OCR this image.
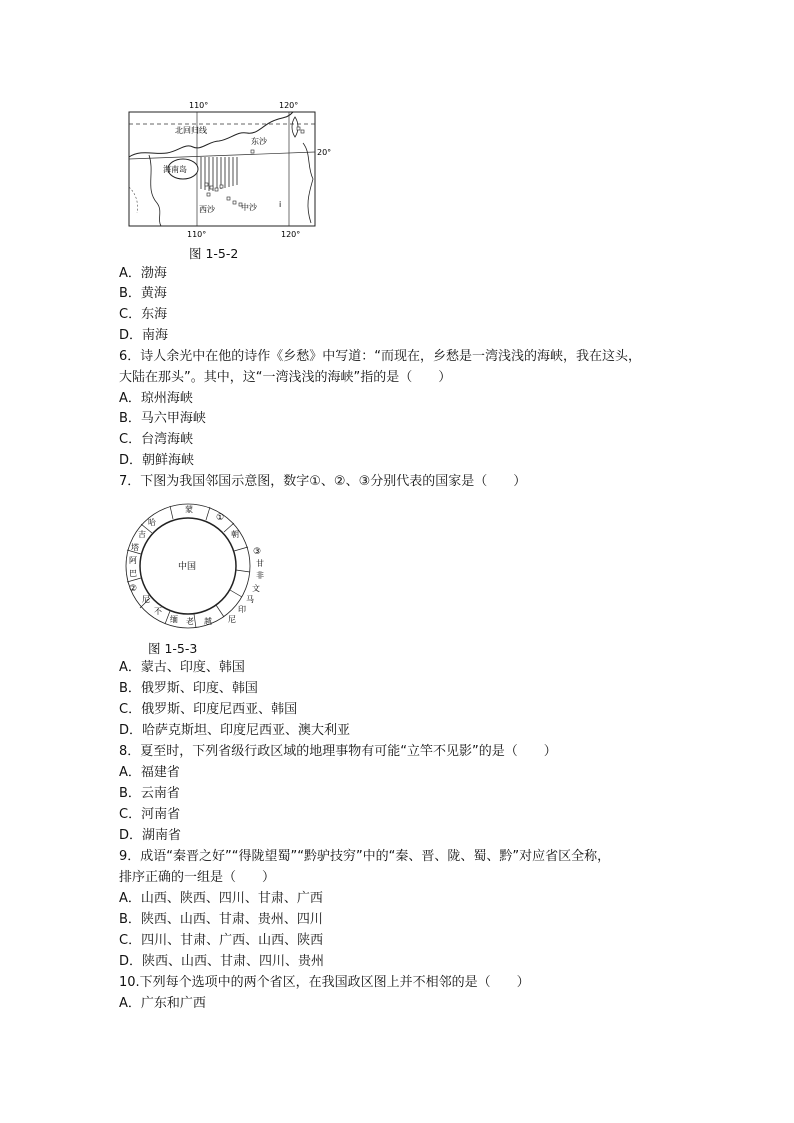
110°	120°
北回归线
东沙
海南岛
西沙	中沙	i
20°
110°	120°
图 1-5-2
A．渤海
B．黄海
C．东海
D．南海
6．诗人余光中在他的诗作《乡愁》中写道：“而现在，乡愁是一湾浅浅的海峡，我在这头，
大陆在那头”。其中，这“一湾浅浅的海峡”指的是（　　）
A．琼州海峡
B．马六甲海峡
C．台湾海峡
D．朝鲜海峡
7．下图为我国邻国示意图，数字①、②、③分别代表的国家是（　　）
中国
蒙
①
朝
③
甘
非
文
马
印
尼
越
老
缅
不
尼
②
巴
阿
塔
吉
哈
图 1-5-3
A．蒙古、印度、韩国
B．俄罗斯、印度、韩国
C．俄罗斯、印度尼西亚、韩国
D．哈萨克斯坦、印度尼西亚、澳大利亚
8．夏至时，下列省级行政区域的地理事物有可能“立竿不见影”的是（　　）
A．福建省
B．云南省
C．河南省
D．湖南省
9．成语“秦晋之好”“得陇望蜀”“黔驴技穷”中的“秦、晋、陇、蜀、黔”对应省区全称，
排序正确的一组是（　　）
A．山西、陕西、四川、甘肃、广西
B．陕西、山西、甘肃、贵州、四川
C．四川、甘肃、广西、山西、陕西
D．陕西、山西、甘肃、四川、贵州
10.下列每个选项中的两个省区，在我国政区图上并不相邻的是（　　）
A．广东和广西
